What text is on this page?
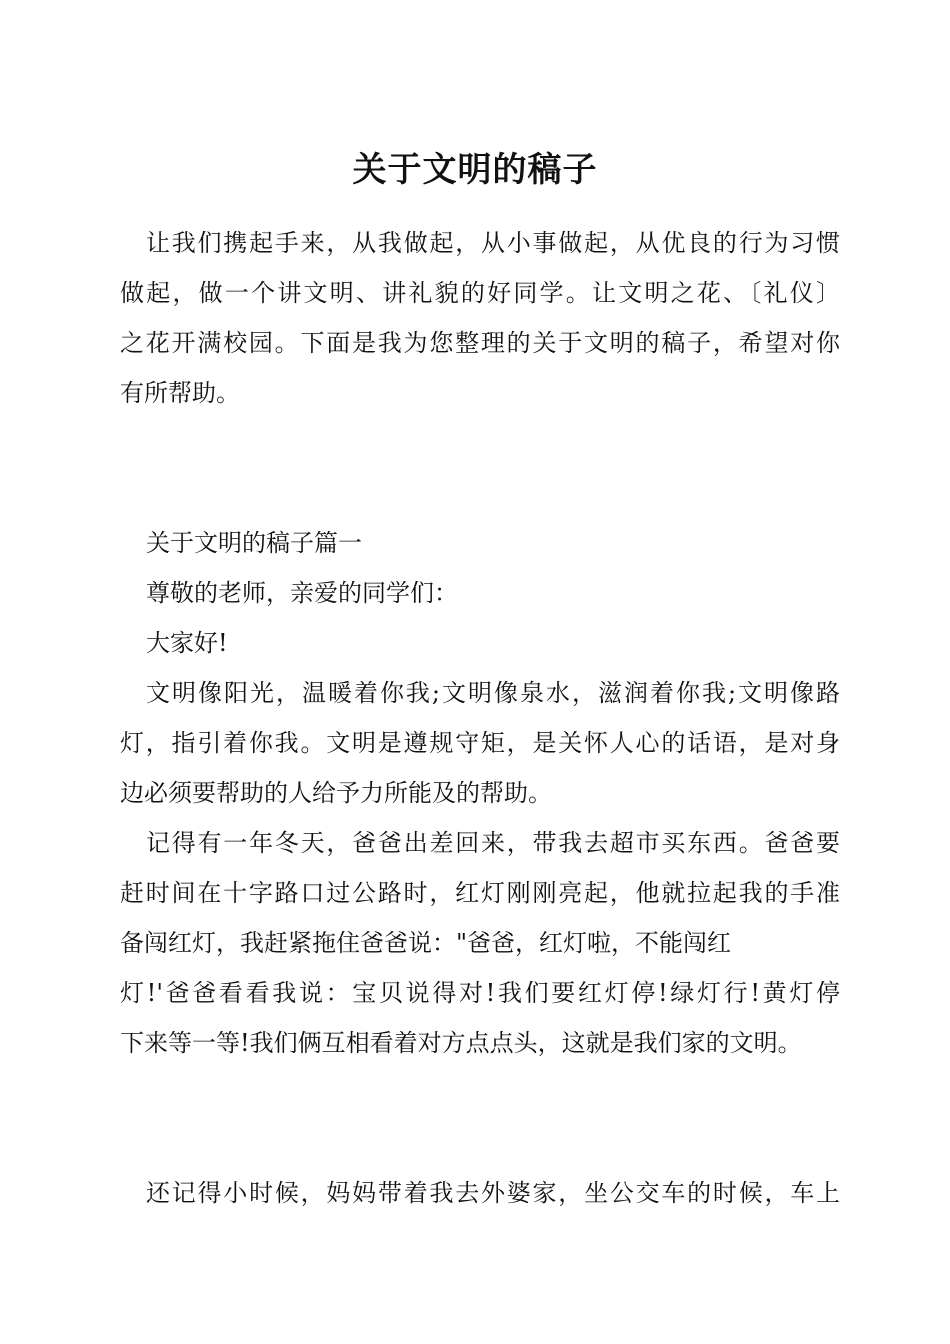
关于文明的稿子

让我们携起手来，从我做起，从小事做起，从优良的行为习惯

做起，做一个讲文明、讲礼貌的好同学。让文明之花、〔礼仪〕

之花开满校园。下面是我为您整理的关于文明的稿子，希望对你

有所帮助。

关于文明的稿子篇一

尊敬的老师，亲爱的同学们：

大家好!

文明像阳光，温暖着你我;文明像泉水，滋润着你我;文明像路

灯，指引着你我。文明是遵规守矩，是关怀人心的话语，是对身

边必须要帮助的人给予力所能及的帮助。

记得有一年冬天，爸爸出差回来，带我去超市买东西。爸爸要

赶时间在十字路口过公路时，红灯刚刚亮起，他就拉起我的手准

备闯红灯，我赶紧拖住爸爸说："爸爸，红灯啦，不能闯红

灯!'爸爸看看我说：宝贝说得对!我们要红灯停!绿灯行!黄灯停

下来等一等!我们俩互相看着对方点点头，这就是我们家的文明。

还记得小时候，妈妈带着我去外婆家，坐公交车的时候，车上
